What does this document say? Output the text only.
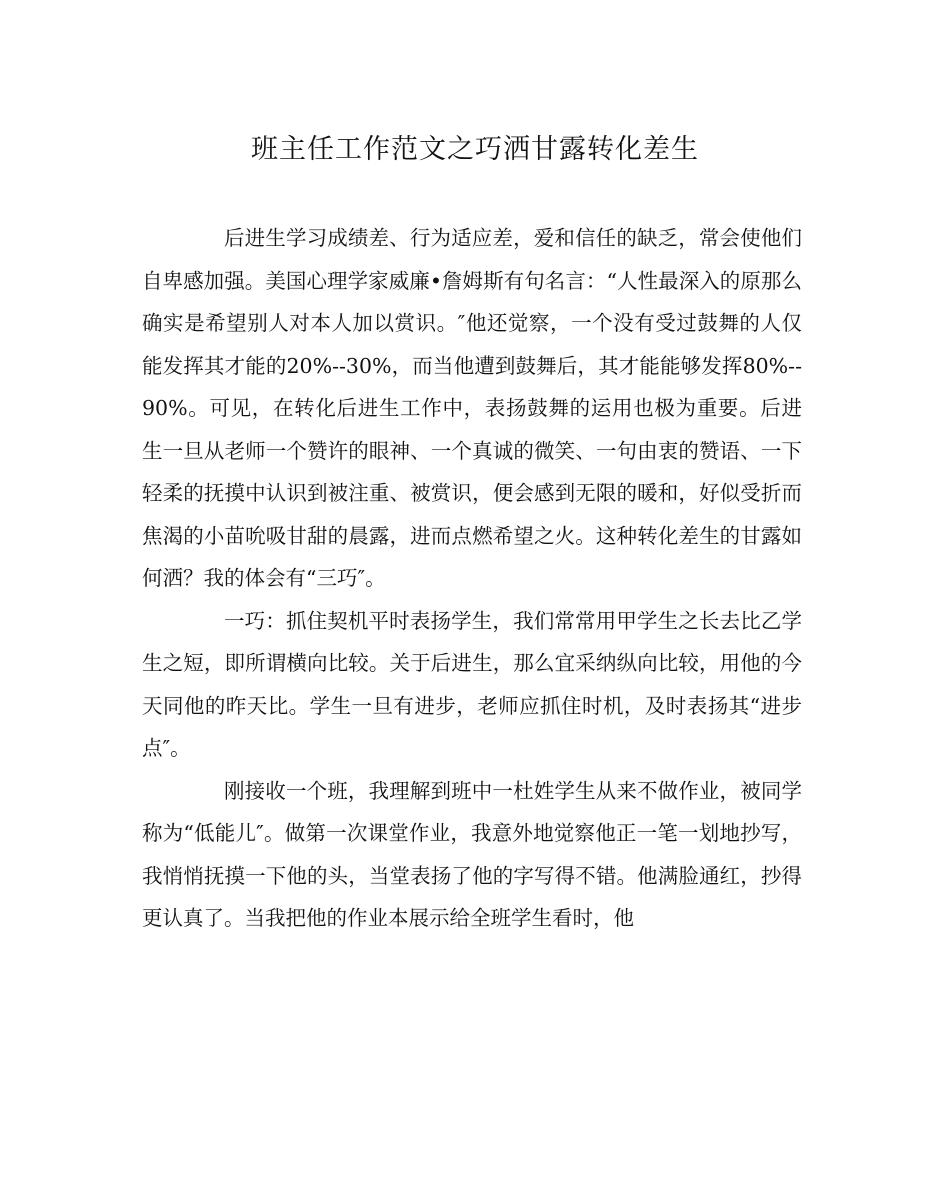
班主任工作范文之巧洒甘露转化差生

后进生学习成绩差、行为适应差，爱和信任的缺乏，常会使他们自卑感加强。美国心理学家威廉•詹姆斯有句名言：“人性最深入的原那么确实是希望别人对本人加以赏识。″他还觉察，一个没有受过鼓舞的人仅能发挥其才能的20%--30%，而当他遭到鼓舞后，其才能能够发挥80%--90%。可见，在转化后进生工作中，表扬鼓舞的运用也极为重要。后进生一旦从老师一个赞许的眼神、一个真诚的微笑、一句由衷的赞语、一下轻柔的抚摸中认识到被注重、被赏识，便会感到无限的暖和，好似受折而焦渴的小苗吮吸甘甜的晨露，进而点燃希望之火。这种转化差生的甘露如何洒？我的体会有“三巧″。

一巧：抓住契机平时表扬学生，我们常常用甲学生之长去比乙学生之短，即所谓横向比较。关于后进生，那么宜采纳纵向比较，用他的今天同他的昨天比。学生一旦有进步，老师应抓住时机，及时表扬其“进步点″。

刚接收一个班，我理解到班中一杜姓学生从来不做作业，被同学称为“低能儿″。做第一次课堂作业，我意外地觉察他正一笔一划地抄写，我悄悄抚摸一下他的头，当堂表扬了他的字写得不错。他满脸通红，抄得更认真了。当我把他的作业本展示给全班学生看时，他
